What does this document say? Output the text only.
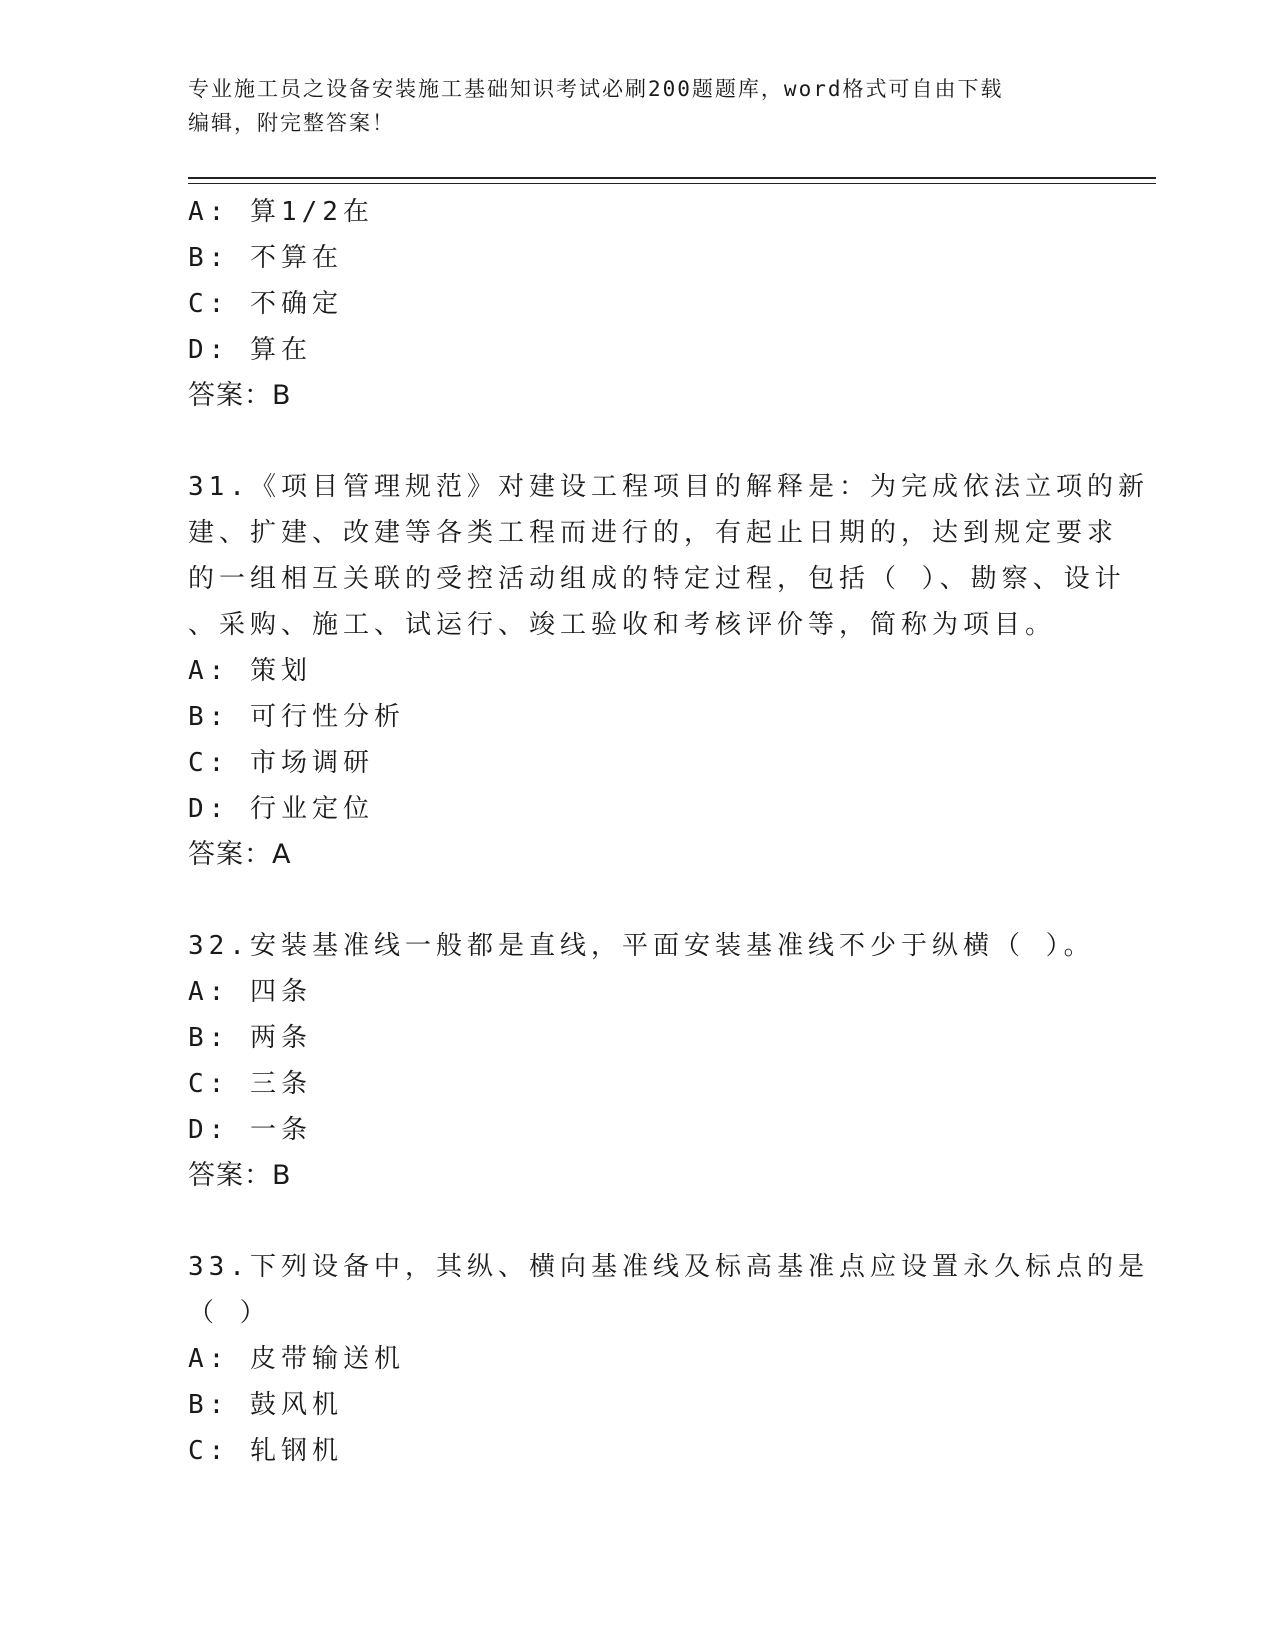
专业施工员之设备安装施工基础知识考试必刷200题题库，word格式可自由下载
编辑，附完整答案！
A: 算1/2在
B: 不算在
C: 不确定
D: 算在
答案：B
31.《项目管理规范》对建设工程项目的解释是：为完成依法立项的新
建、扩建、改建等各类工程而进行的，有起止日期的，达到规定要求
的一组相互关联的受控活动组成的特定过程，包括（ ）、勘察、设计
、采购、施工、试运行、竣工验收和考核评价等，简称为项目。
A: 策划
B: 可行性分析
C: 市场调研
D: 行业定位
答案：A
32.安装基准线一般都是直线，平面安装基准线不少于纵横（ ）。
A: 四条
B: 两条
C: 三条
D: 一条
答案：B
33.下列设备中，其纵、横向基准线及标高基准点应设置永久标点的是
（ ）
A: 皮带输送机
B: 鼓风机
C: 轧钢机
